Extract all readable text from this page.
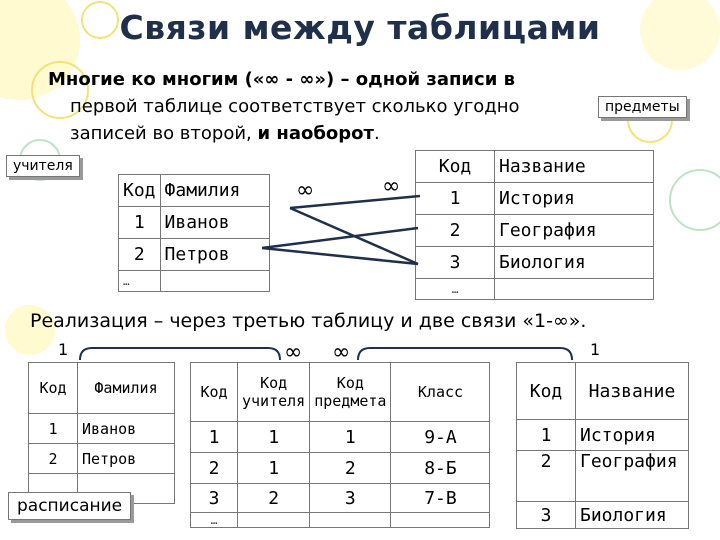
Связи между таблицами
Многие ко многим («∞ - ∞») – одной записи в
первой таблице соответствует сколько угодно
записей во второй, и наоборот.
учителя
предметы
Код	Фамилия
1	Иванов
2	Петров
…	
Код	Название
1	История
2	География
3	Биология
…	
∞	∞
Реализация – через третью таблицу и две связи «1-∞».
1	∞ ∞	1
Код	Фамилия
1	Иванов
2	Петров

расписание
Код	Код учителя	Код предмета	Класс
1	1	1	9-А
2	1	2	8-Б
3	2	3	7-В
…			
Код	Название
1	История
2	География
3	Биология
